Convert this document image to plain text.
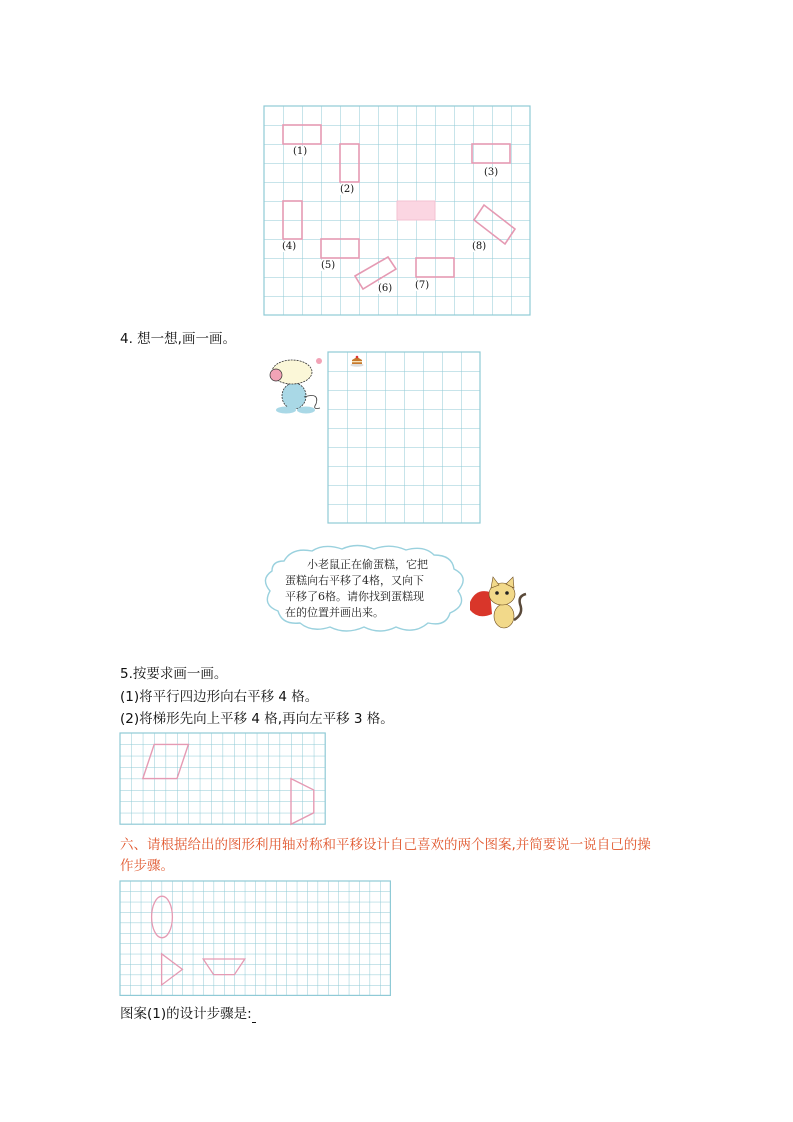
(1)
(2)
(3)
(4)
(5)
(6) (7)
(8)
4. 想一想,画一画。
小老鼠正在偷蛋糕，它把
蛋糕向右平移了4格，又向下
平移了6格。请你找到蛋糕现
在的位置并画出来。
5.按要求画一画。
(1)将平行四边形向右平移 4 格。
(2)将梯形先向上平移 4 格,再向左平移 3 格。
六、请根据给出的图形利用轴对称和平移设计自己喜欢的两个图案,并简要说一说自己的操
作步骤。
图案(1)的设计步骤是:
